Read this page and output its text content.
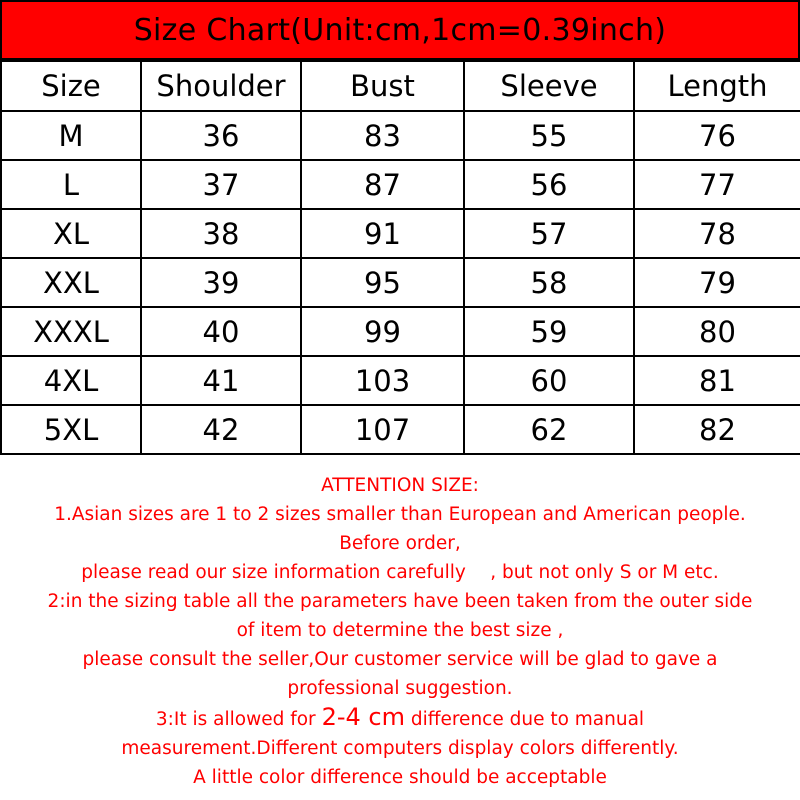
Size Chart(Unit:cm,1cm=0.39inch)
Size	Shoulder	Bust	Sleeve	Length
M	36	83	55	76
L	37	87	56	77
XL	38	91	57	78
XXL	39	95	58	79
XXXL	40	99	59	80
4XL	41	103	60	81
5XL	42	107	62	82
ATTENTION SIZE:
1.Asian sizes are 1 to 2 sizes smaller than European and American people.
Before order,
please read our size information carefully 　, but not only S or M etc.
2:in the sizing table all the parameters have been taken from the outer side
of item to determine the best size ,
please consult the seller,Our customer service will be glad to gave a
professional suggestion.
3:It is allowed for 2-4 cm difference due to manual
measurement.Different computers display colors differently.
A little color difference should be acceptable
